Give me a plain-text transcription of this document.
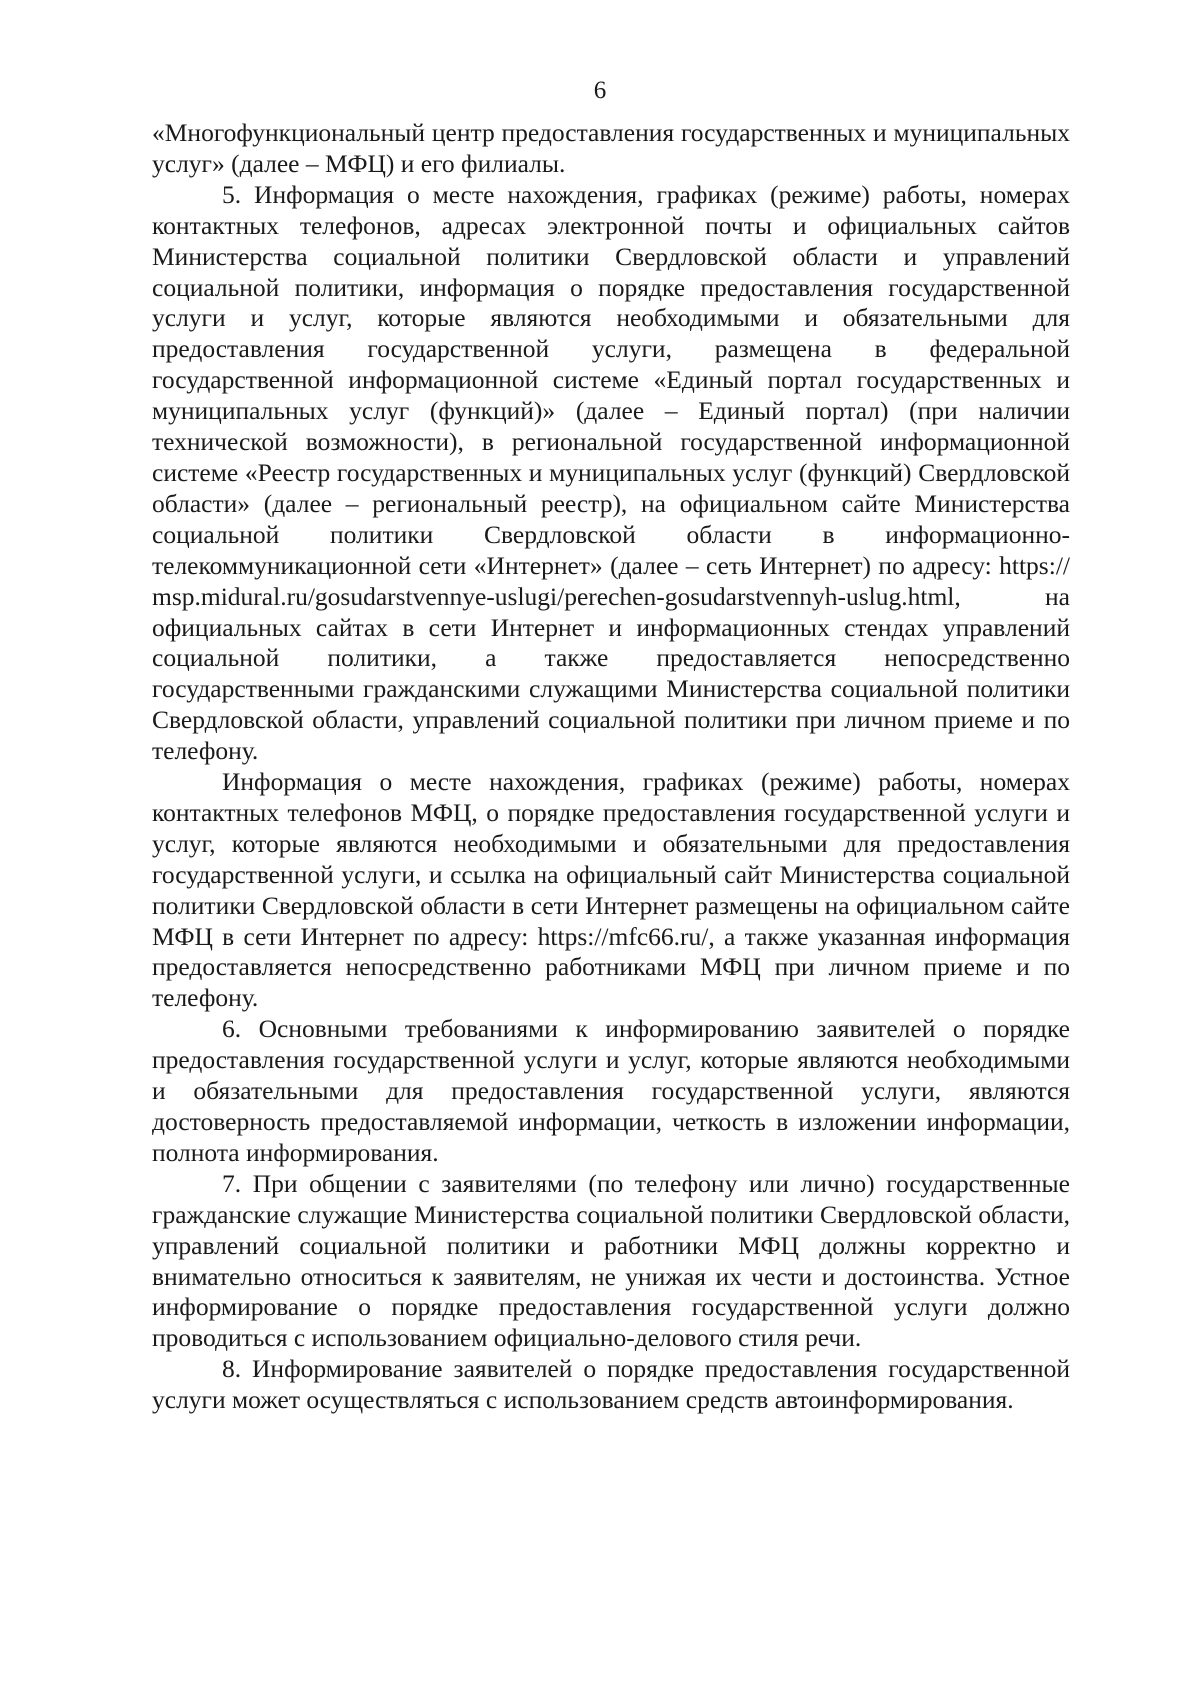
6

«Многофункциональный центр предоставления государственных и муниципальных услуг» (далее – МФЦ) и его филиалы.

5. Информация о месте нахождения, графиках (режиме) работы, номерах контактных телефонов, адресах электронной почты и официальных сайтов Министерства социальной политики Свердловской области и управлений социальной политики, информация о порядке предоставления государственной услуги и услуг, которые являются необходимыми и обязательными для предоставления государственной услуги, размещена в федеральной государственной информационной системе «Единый портал государственных и муниципальных услуг (функций)» (далее – Единый портал) (при наличии технической возможности), в региональной государственной информационной системе «Реестр государственных и муниципальных услуг (функций) Свердловской области» (далее – региональный реестр), на официальном сайте Министерства социальной политики Свердловской области в информационно-телекоммуникационной сети «Интернет» (далее – сеть Интернет) по адресу: https://msp.midural.ru/gosudarstvennye-uslugi/perechen-gosudarstvennyh-uslug.html, на официальных сайтах в сети Интернет и информационных стендах управлений социальной политики, а также предоставляется непосредственно государственными гражданскими служащими Министерства социальной политики Свердловской области, управлений социальной политики при личном приеме и по телефону.

Информация о месте нахождения, графиках (режиме) работы, номерах контактных телефонов МФЦ, о порядке предоставления государственной услуги и услуг, которые являются необходимыми и обязательными для предоставления государственной услуги, и ссылка на официальный сайт Министерства социальной политики Свердловской области в сети Интернет размещены на официальном сайте МФЦ в сети Интернет по адресу: https://mfc66.ru/, а также указанная информация предоставляется непосредственно работниками МФЦ при личном приеме и по телефону.

6. Основными требованиями к информированию заявителей о порядке предоставления государственной услуги и услуг, которые являются необходимыми и обязательными для предоставления государственной услуги, являются достоверность предоставляемой информации, четкость в изложении информации, полнота информирования.

7. При общении с заявителями (по телефону или лично) государственные гражданские служащие Министерства социальной политики Свердловской области, управлений социальной политики и работники МФЦ должны корректно и внимательно относиться к заявителям, не унижая их чести и достоинства. Устное информирование о порядке предоставления государственной услуги должно проводиться с использованием официально-делового стиля речи.

8. Информирование заявителей о порядке предоставления государственной услуги может осуществляться с использованием средств автоинформирования.
